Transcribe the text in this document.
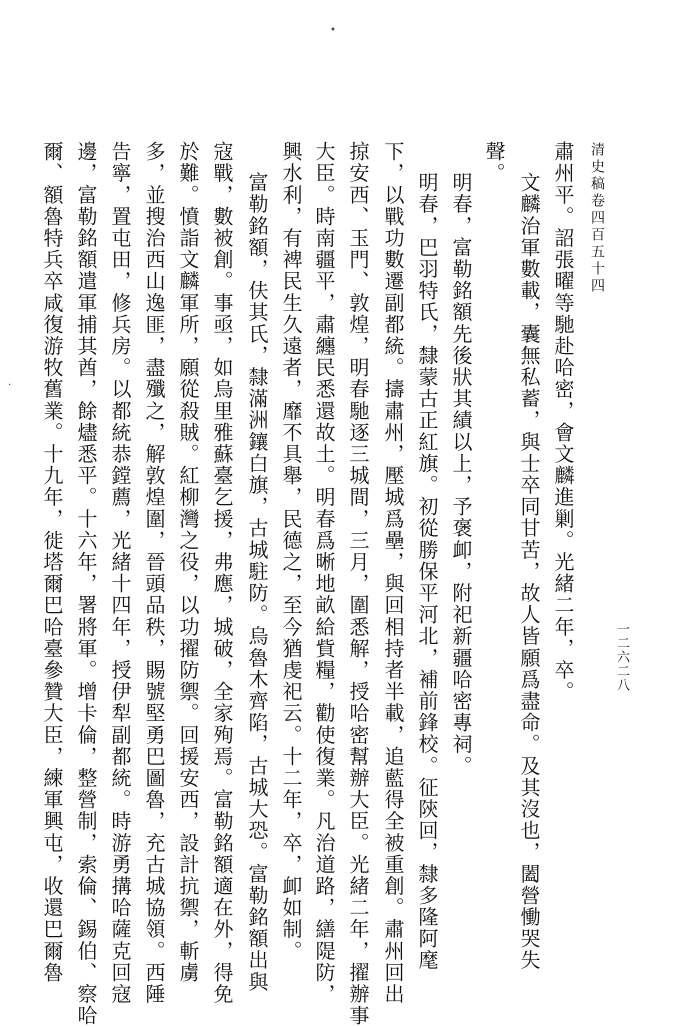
清史稿卷四百五十四
一二六二八
肅州平。詔張曜等馳赴哈密，會文麟進剿。光緒二年，卒。
文麟治軍數載，囊無私蓄，與士卒同甘苦，故人皆願爲盡命。及其沒也，闔營慟哭失
聲。
明春，富勒銘額先後狀其績以上，予褒卹，附祀新疆哈密專祠。
明春，巴羽特氏，隸蒙古正紅旗。初從勝保平河北，補前鋒校。征陝回，隸多隆阿麾
下，以戰功數遷副都統。擣肅州，壓城爲壘，與回相持者半載，追藍得全被重創。肅州回出
掠安西、玉門、敦煌，明春馳逐三城間，三月，圍悉解，授哈密幫辦大臣。光緒二年，擢辦事
大臣。時南疆平，肅纏民悉還故土。明春爲晰地畝給貲糧，勸使復業。凡治道路，繕隄防，
興水利，有裨民生久遠者，靡不具舉，民德之，至今猶虔祀云。十二年，卒，卹如制。
富勒銘額，伕其氏，隸滿洲鑲白旗，古城駐防。烏魯木齊陷，古城大恐。富勒銘額出與
寇戰，數被創。事亟，如烏里雅蘇臺乞援，弗應，城破，全家殉焉。富勒銘額適在外，得免
於難。憤詣文麟軍所，願從殺賊。紅柳灣之役，以功擢防禦。回援安西，設計抗禦，斬虜
多，並搜治西山逸匪，盡殲之，解敦煌圍，晉頭品秩，賜號堅勇巴圖魯，充古城協領。西陲
告寧，置屯田，修兵房。以都統恭鏜薦，光緒十四年，授伊犁副都統。時游勇搆哈薩克回寇
邊，富勒銘額遣軍捕其酋，餘燼悉平。十六年，署將軍。增卡倫，整營制，索倫、錫伯、察哈
爾、額魯特兵卒咸復游牧舊業。十九年，徙塔爾巴哈臺參贊大臣，練軍興屯，收還巴爾魯
•
·
